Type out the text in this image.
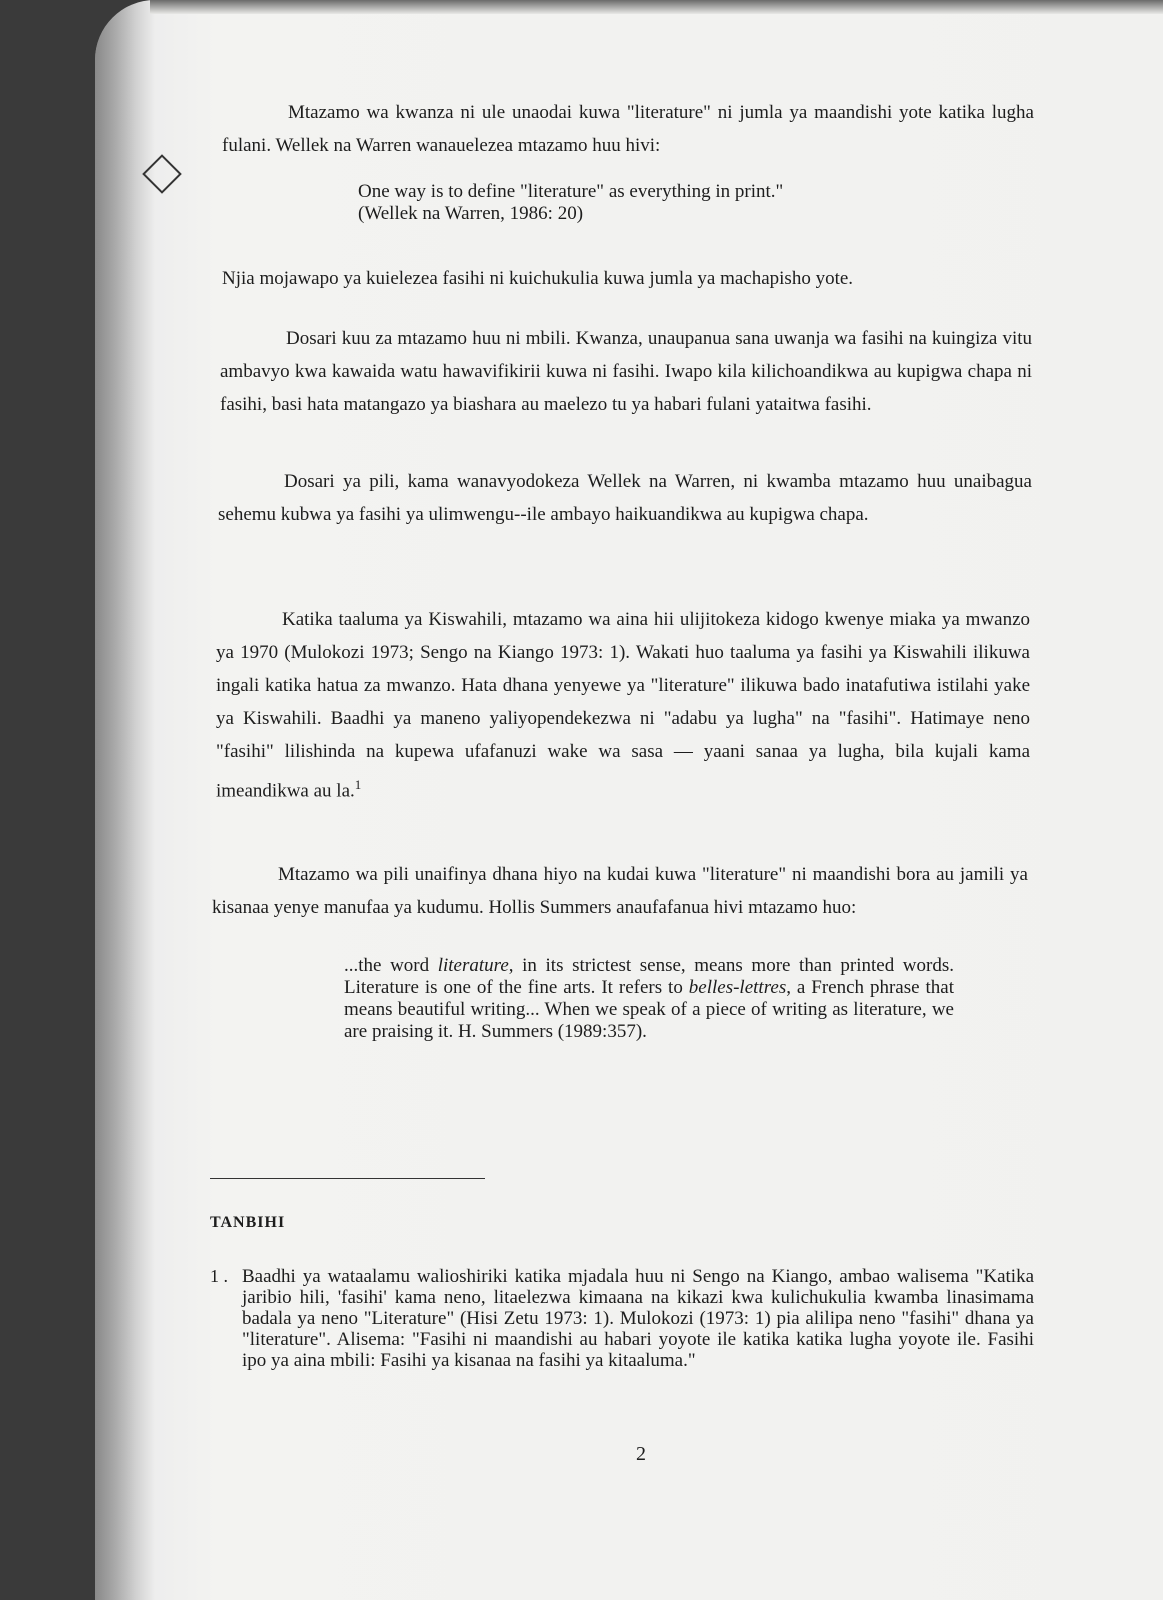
Mtazamo wa kwanza ni ule unaodai kuwa "literature" ni jumla ya maandishi yote katika lugha fulani. Wellek na Warren wanauelezea mtazamo huu hivi:

One way is to define "literature" as everything in print."
(Wellek na Warren, 1986: 20)

Njia mojawapo ya kuielezea fasihi ni kuichukulia kuwa jumla ya machapisho yote.

Dosari kuu za mtazamo huu ni mbili. Kwanza, unaupanua sana uwanja wa fasihi na kuingiza vitu ambavyo kwa kawaida watu hawavifikirii kuwa ni fasihi. Iwapo kila kilichoandikwa au kupigwa chapa ni fasihi, basi hata matangazo ya biashara au maelezo tu ya habari fulani yataitwa fasihi.

Dosari ya pili, kama wanavyodokeza Wellek na Warren, ni kwamba mtazamo huu unaibagua sehemu kubwa ya fasihi ya ulimwengu--ile ambayo haikuandikwa au kupigwa chapa.

Katika taaluma ya Kiswahili, mtazamo wa aina hii ulijitokeza kidogo kwenye miaka ya mwanzo ya 1970 (Mulokozi 1973; Sengo na Kiango 1973: 1). Wakati huo taaluma ya fasihi ya Kiswahili ilikuwa ingali katika hatua za mwanzo. Hata dhana yenyewe ya "literature" ilikuwa bado inatafutiwa istilahi yake ya Kiswahili. Baadhi ya maneno yaliyopendekezwa ni "adabu ya lugha" na "fasihi". Hatimaye neno "fasihi" lilishinda na kupewa ufafanuzi wake wa sasa — yaani sanaa ya lugha, bila kujali kama imeandikwa au la.$^1$

Mtazamo wa pili unaifinya dhana hiyo na kudai kuwa "literature" ni maandishi bora au jamili ya kisanaa yenye manufaa ya kudumu. Hollis Summers anaufafanua hivi mtazamo huo:

...the word literature, in its strictest sense, means more than printed words. Literature is one of the fine arts. It refers to belles-lettres, a French phrase that means beautiful writing... When we speak of a piece of writing as literature, we are praising it. H. Summers (1989:357).

TANBIHI
1 . Baadhi ya wataalamu walioshiriki katika mjadala huu ni Sengo na Kiango, ambao walisema "Katika jaribio hili, 'fasihi' kama neno, litaelezwa kimaana na kikazi kwa kulichukulia kwamba linasimama badala ya neno "Literature" (Hisi Zetu 1973: 1). Mulokozi (1973: 1) pia alilipa neno "fasihi" dhana ya "literature". Alisema: "Fasihi ni maandishi au habari yoyote ile katika katika lugha yoyote ile. Fasihi ipo ya aina mbili: Fasihi ya kisanaa na fasihi ya kitaaluma."
2
